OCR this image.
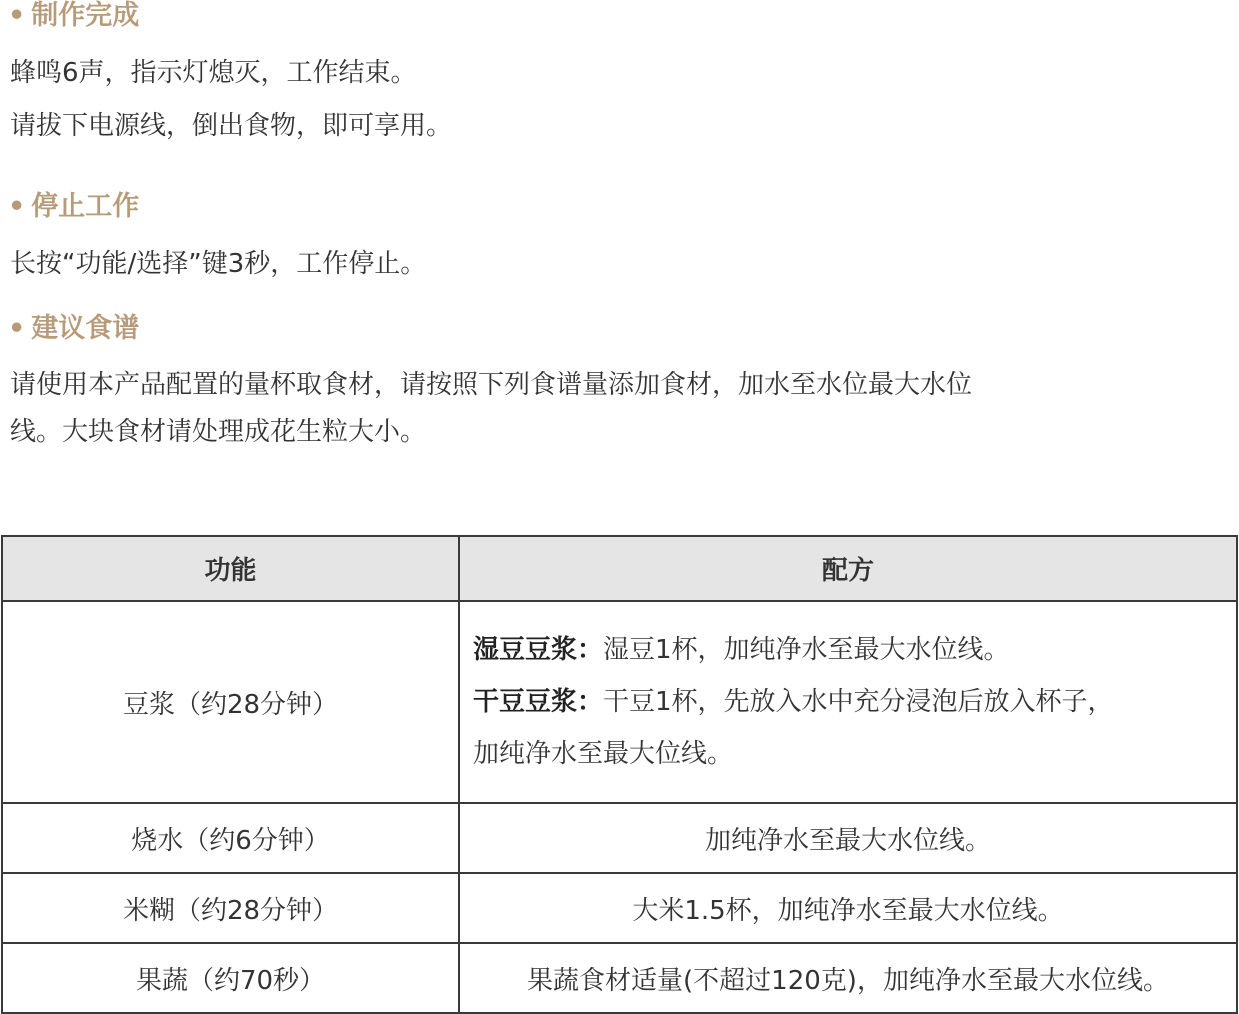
• 制作完成
蜂鸣6声，指示灯熄灭，工作结束。
请拔下电源线，倒出食物，即可享用。
• 停止工作
长按“功能/选择”键3秒，工作停止。
• 建议食谱
请使用本产品配置的量杯取食材，请按照下列食谱量添加食材，加水至水位最大水位
线。大块食材请处理成花生粒大小。
功能	配方
豆浆（约28分钟）	湿豆豆浆：湿豆1杯，加纯净水至最大水位线。
干豆豆浆：干豆1杯，先放入水中充分浸泡后放入杯子，
加纯净水至最大位线。

烧水（约6分钟）	加纯净水至最大水位线。
米糊（约28分钟）	大米1.5杯，加纯净水至最大水位线。
果蔬（约70秒）	果蔬食材适量(不超过120克)，加纯净水至最大水位线。
